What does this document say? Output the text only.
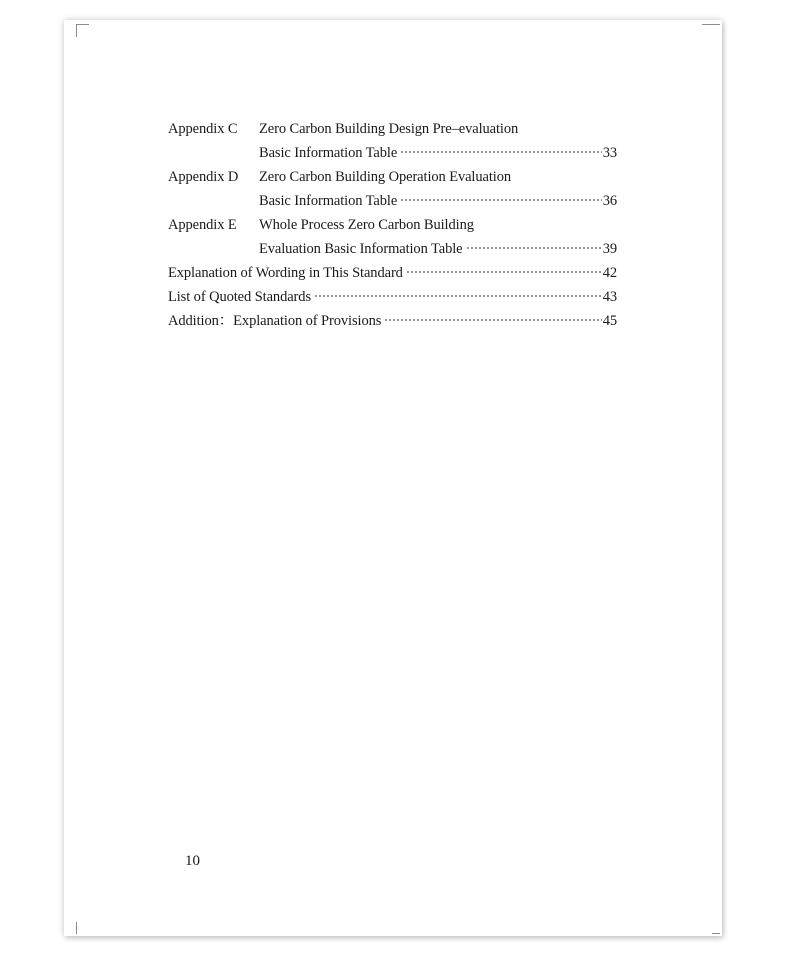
Appendix C	Zero Carbon Building Design Pre–evaluation
Basic Information Table	33
Appendix D	Zero Carbon Building Operation Evaluation
Basic Information Table	36
Appendix E	Whole Process Zero Carbon Building
Evaluation Basic Information Table	39
Explanation of Wording in This Standard	42
List of Quoted Standards	43
Addition：Explanation of Provisions	45
10
